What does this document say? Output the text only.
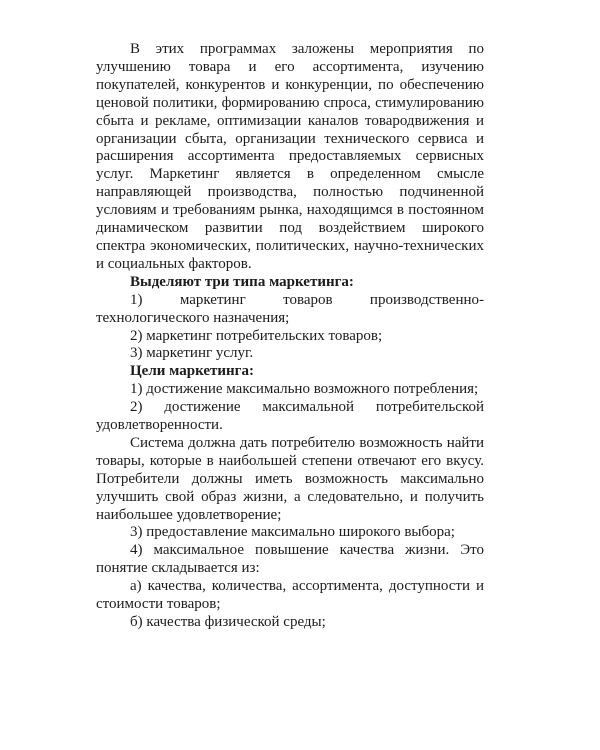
В этих программах заложены мероприятия по улучшению товара и его ассортимента, изучению покупателей, конкурентов и конкуренции, по обеспечению ценовой политики, формированию спроса, стимулированию сбыта и рекламе, оптимизации каналов товародвижения и организации сбыта, организации технического сервиса и расширения ассортимента предоставляемых сервисных услуг. Маркетинг является в определенном смысле направляющей производства, полностью подчиненной условиям и требованиям рынка, находящимся в постоянном динамическом развитии под воздействием широкого спектра экономических, политических, научно-технических и социальных факторов.

Выделяют три типа маркетинга:

1) маркетинг товаров производственно-технологического назначения;

2) маркетинг потребительских товаров;

3) маркетинг услуг.

Цели маркетинга:

1) достижение максимально возможного потребления;

2) достижение максимальной потребительской удовлетворенности.

Система должна дать потребителю возможность найти товары, которые в наибольшей степени отвечают его вкусу. Потребители должны иметь возможность максимально улучшить свой образ жизни, а следовательно, и получить наибольшее удовлетворение;

3) предоставление максимально широкого выбора;

4) максимальное повышение качества жизни. Это понятие складывается из:

а) качества, количества, ассортимента, доступности и стоимости товаров;

б) качества физической среды;
